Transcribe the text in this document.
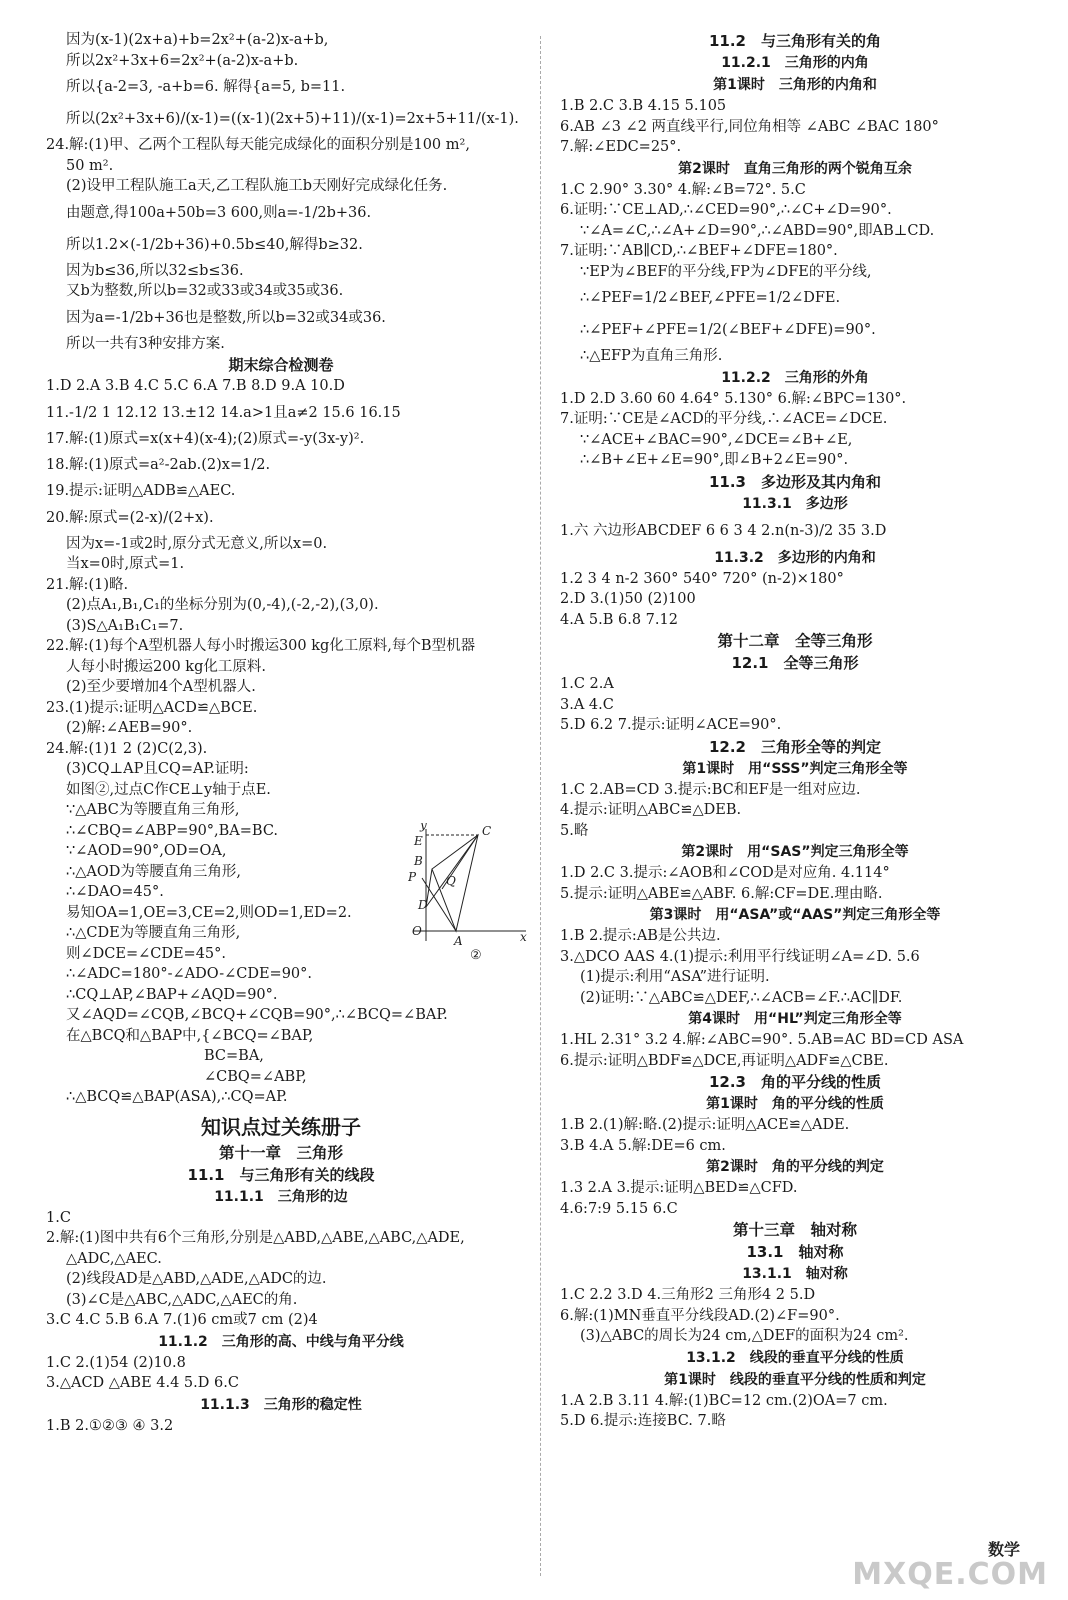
因为(x-1)(2x+a)+b=2x²+(a-2)x-a+b,
所以2x²+3x+6=2x²+(a-2)x-a+b.
所以{a-2=3, -a+b=6. 解得{a=5, b=11.
所以(2x²+3x+6)/(x-1)=((x-1)(2x+5)+11)/(x-1)=2x+5+11/(x-1).
24.解:(1)甲、乙两个工程队每天能完成绿化的面积分别是100 m²,
50 m².
(2)设甲工程队施工a天,乙工程队施工b天刚好完成绿化任务.
由题意,得100a+50b=3 600,则a=-1/2b+36.
所以1.2×(-1/2b+36)+0.5b≤40,解得b≥32.
因为b≤36,所以32≤b≤36.
又b为整数,所以b=32或33或34或35或36.
因为a=-1/2b+36也是整数,所以b=32或34或36.
所以一共有3种安排方案.
期末综合检测卷
1.D 2.A 3.B 4.C 5.C 6.A 7.B 8.D 9.A 10.D
11.-1/2 1 12.12 13.±12 14.a>1且a≠2 15.6 16.15
17.解:(1)原式=x(x+4)(x-4);(2)原式=-y(3x-y)².
18.解:(1)原式=a²-2ab.(2)x=1/2.
19.提示:证明△ADB≌△AEC.
20.解:原式=(2-x)/(2+x).
因为x=-1或2时,原分式无意义,所以x=0.
当x=0时,原式=1.
21.解:(1)略.
(2)点A₁,B₁,C₁的坐标分别为(0,-4),(-2,-2),(3,0).
(3)S△A₁B₁C₁=7.
22.解:(1)每个A型机器人每小时搬运300 kg化工原料,每个B型机器
人每小时搬运200 kg化工原料.
(2)至少要增加4个A型机器人.
23.(1)提示:证明△ACD≌△BCE.
(2)解:∠AEB=90°.
24.解:(1)1 2 (2)C(2,3).
(3)CQ⊥AP且CQ=AP.证明:
如图②,过点C作CE⊥y轴于点E.
∵△ABC为等腰直角三角形,
∴∠CBQ=∠ABP=90°,BA=BC.
∵∠AOD=90°,OD=OA,
∴△AOD为等腰直角三角形,
∴∠DAO=45°.
易知OA=1,OE=3,CE=2,则OD=1,ED=2.
∴△CDE为等腰直角三角形,
则∠DCE=∠CDE=45°.
∴∠ADC=180°-∠ADO-∠CDE=90°.
∴CQ⊥AP,∠BAP+∠AQD=90°.
又∠AQD=∠CQB,∠BCQ+∠CQB=90°,∴∠BCQ=∠BAP.
在△BCQ和△BAP中,{∠BCQ=∠BAP,
BC=BA,
∠CBQ=∠ABP,
∴△BCQ≌△BAP(ASA),∴CQ=AP.
知识点过关练册子
第十一章　三角形
11.1　与三角形有关的线段
11.1.1　三角形的边
1.C
2.解:(1)图中共有6个三角形,分别是△ABD,△ABE,△ABC,△ADE,
△ADC,△AEC.
(2)线段AD是△ABD,△ADE,△ADC的边.
(3)∠C是△ABC,△ADC,△AEC的角.
3.C 4.C 5.B 6.A 7.(1)6 cm或7 cm (2)4
11.1.2　三角形的高、中线与角平分线
1.C 2.(1)54 (2)10.8
3.△ACD △ABE 4.4 5.D 6.C
11.1.3　三角形的稳定性
1.B 2.①②③ ④ 3.2
11.2　与三角形有关的角
11.2.1　三角形的内角
第1课时　三角形的内角和
1.B 2.C 3.B 4.15 5.105
6.AB ∠3 ∠2 两直线平行,同位角相等 ∠ABC ∠BAC 180°
7.解:∠EDC=25°.
第2课时　直角三角形的两个锐角互余
1.C 2.90° 3.30° 4.解:∠B=72°. 5.C
6.证明:∵CE⊥AD,∴∠CED=90°,∴∠C+∠D=90°.
∵∠A=∠C,∴∠A+∠D=90°,∴∠ABD=90°,即AB⊥CD.
7.证明:∵AB∥CD,∴∠BEF+∠DFE=180°.
∵EP为∠BEF的平分线,FP为∠DFE的平分线,
∴∠PEF=1/2∠BEF,∠PFE=1/2∠DFE.
∴∠PEF+∠PFE=1/2(∠BEF+∠DFE)=90°.
∴△EFP为直角三角形.
11.2.2　三角形的外角
1.D 2.D 3.60 60 4.64° 5.130° 6.解:∠BPC=130°.
7.证明:∵CE是∠ACD的平分线,∴∠ACE=∠DCE.
∵∠ACE+∠BAC=90°,∠DCE=∠B+∠E,
∴∠B+∠E+∠E=90°,即∠B+2∠E=90°.
11.3　多边形及其内角和
11.3.1　多边形
1.六 六边形ABCDEF 6 6 3 4 2.n(n-3)/2 35 3.D
11.3.2　多边形的内角和
1.2 3 4 n-2 360° 540° 720° (n-2)×180°
2.D 3.(1)50 (2)100
4.A 5.B 6.8 7.12
第十二章　全等三角形
12.1　全等三角形
1.C 2.A
3.A 4.C
5.D 6.2 7.提示:证明∠ACE=90°.
12.2　三角形全等的判定
第1课时　用“SSS”判定三角形全等
1.C 2.AB=CD 3.提示:BC和EF是一组对应边.
4.提示:证明△ABC≌△DEB.
5.略
第2课时　用“SAS”判定三角形全等
1.D 2.C 3.提示:∠AOB和∠COD是对应角. 4.114°
5.提示:证明△ABE≌△ABF. 6.解:CF=DE.理由略.
第3课时　用“ASA”或“AAS”判定三角形全等
1.B 2.提示:AB是公共边.
3.△DCO AAS 4.(1)提示:利用平行线证明∠A=∠D. 5.6
(1)提示:利用“ASA”进行证明.
(2)证明:∵△ABC≌△DEF,∴∠ACB=∠F.∴AC∥DF.
第4课时　用“HL”判定三角形全等
1.HL 2.31° 3.2 4.解:∠ABC=90°. 5.AB=AC BD=CD ASA
6.提示:证明△BDF≌△DCE,再证明△ADF≌△CBE.
12.3　角的平分线的性质
第1课时　角的平分线的性质
1.B 2.(1)解:略.(2)提示:证明△ACE≌△ADE.
3.B 4.A 5.解:DE=6 cm.
第2课时　角的平分线的判定
1.3 2.A 3.提示:证明△BED≌△CFD.
4.6:7:9 5.15 6.C
第十三章　轴对称
13.1　轴对称
13.1.1　轴对称
1.C 2.2 3.D 4.三角形2 三角形4 2 5.D
6.解:(1)MN垂直平分线段AD.(2)∠F=90°.
(3)△ABC的周长为24 cm,△DEF的面积为24 cm².
13.1.2　线段的垂直平分线的性质
第1课时　线段的垂直平分线的性质和判定
1.A 2.B 3.11 4.解:(1)BC=12 cm.(2)OA=7 cm.
5.D 6.提示:连接BC. 7.略
y
E
C
B
P Q
D
O
A	x
②
数学
MXQE.COM
